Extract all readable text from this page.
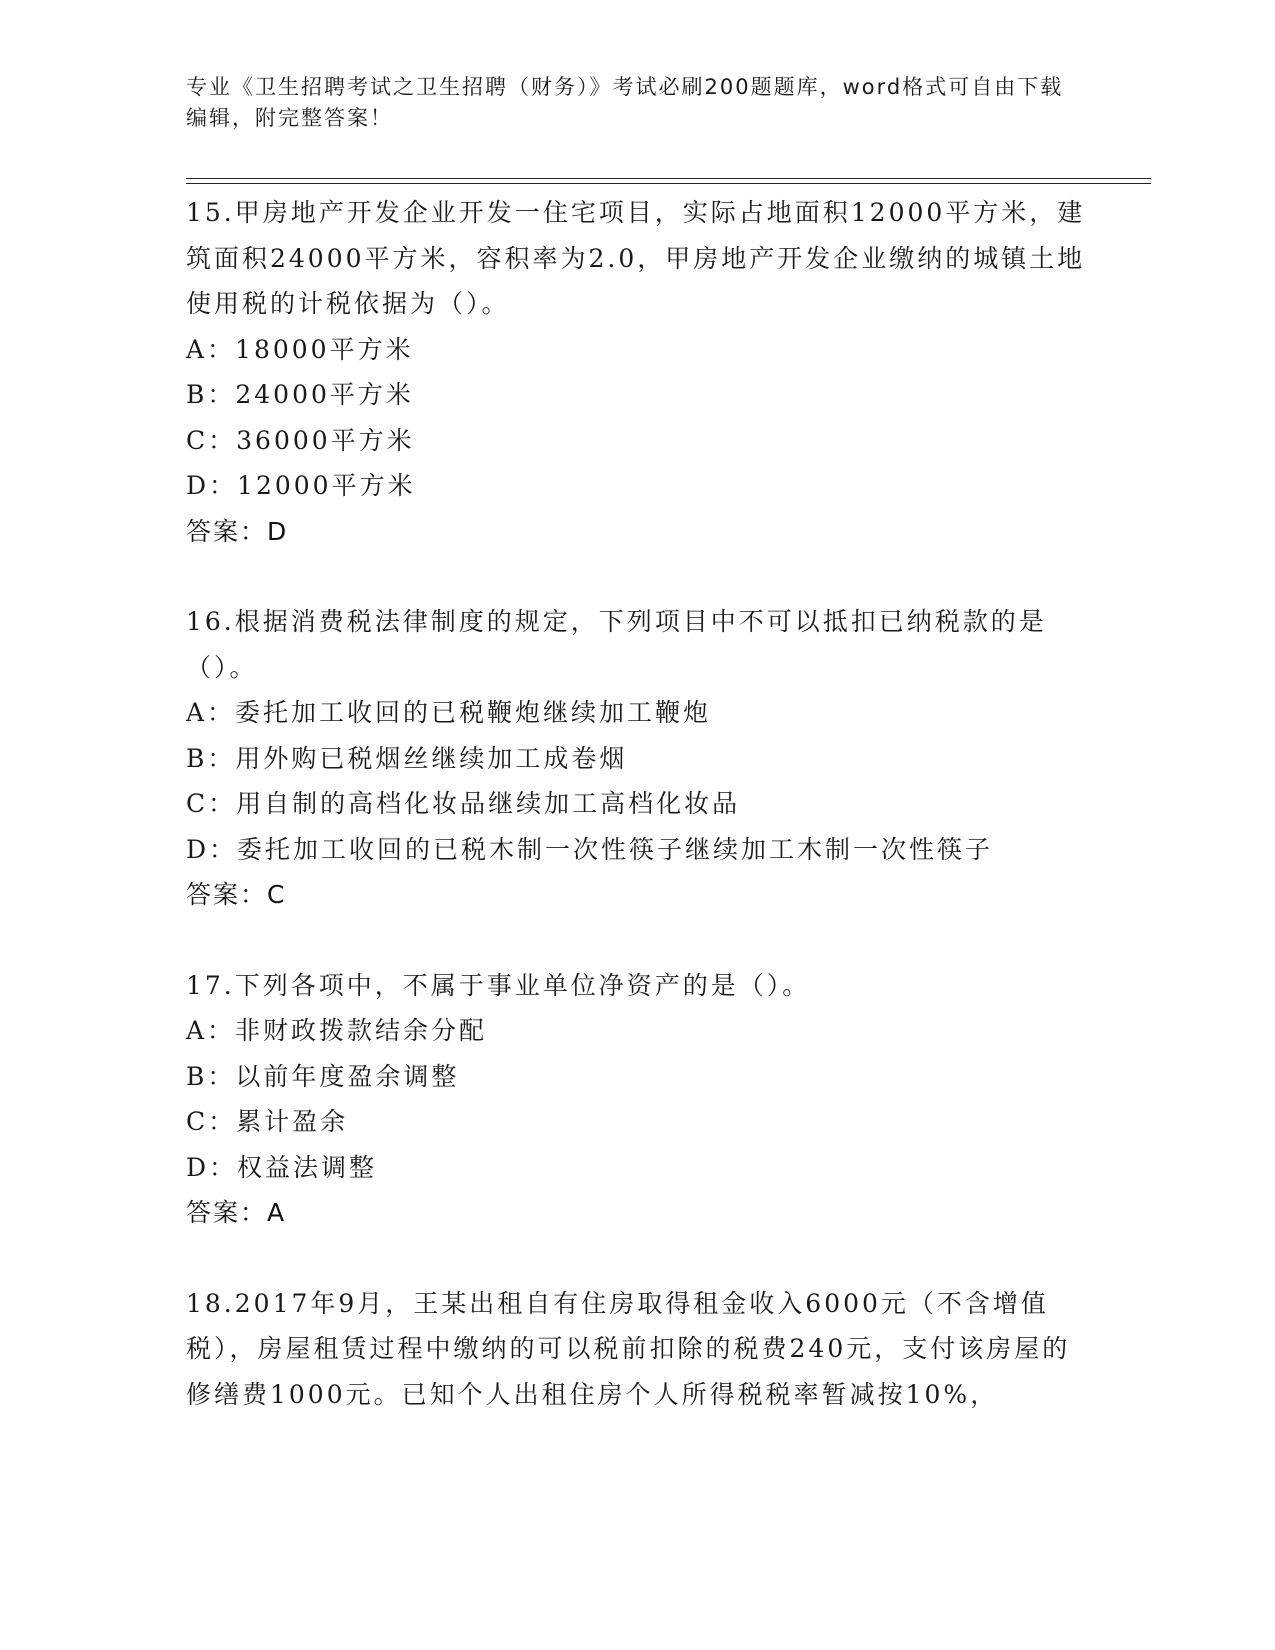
专业《卫生招聘考试之卫生招聘（财务）》考试必刷200题题库，word格式可自由下载编辑，附完整答案！

15.甲房地产开发企业开发一住宅项目，实际占地面积12000平方米，建筑面积24000平方米，容积率为2.0，甲房地产开发企业缴纳的城镇土地使用税的计税依据为（）。

A：18000平方米
B：24000平方米
C：36000平方米
D：12000平方米
答案：D

16.根据消费税法律制度的规定，下列项目中不可以抵扣已纳税款的是（）。

A：委托加工收回的已税鞭炮继续加工鞭炮
B：用外购已税烟丝继续加工成卷烟
C：用自制的高档化妆品继续加工高档化妆品
D：委托加工收回的已税木制一次性筷子继续加工木制一次性筷子
答案：C

17.下列各项中，不属于事业单位净资产的是（）。

A：非财政拨款结余分配
B：以前年度盈余调整
C：累计盈余
D：权益法调整
答案：A

18.2017年9月，王某出租自有住房取得租金收入6000元（不含增值税），房屋租赁过程中缴纳的可以税前扣除的税费240元，支付该房屋的修缮费1000元。已知个人出租住房个人所得税税率暂减按10%，
